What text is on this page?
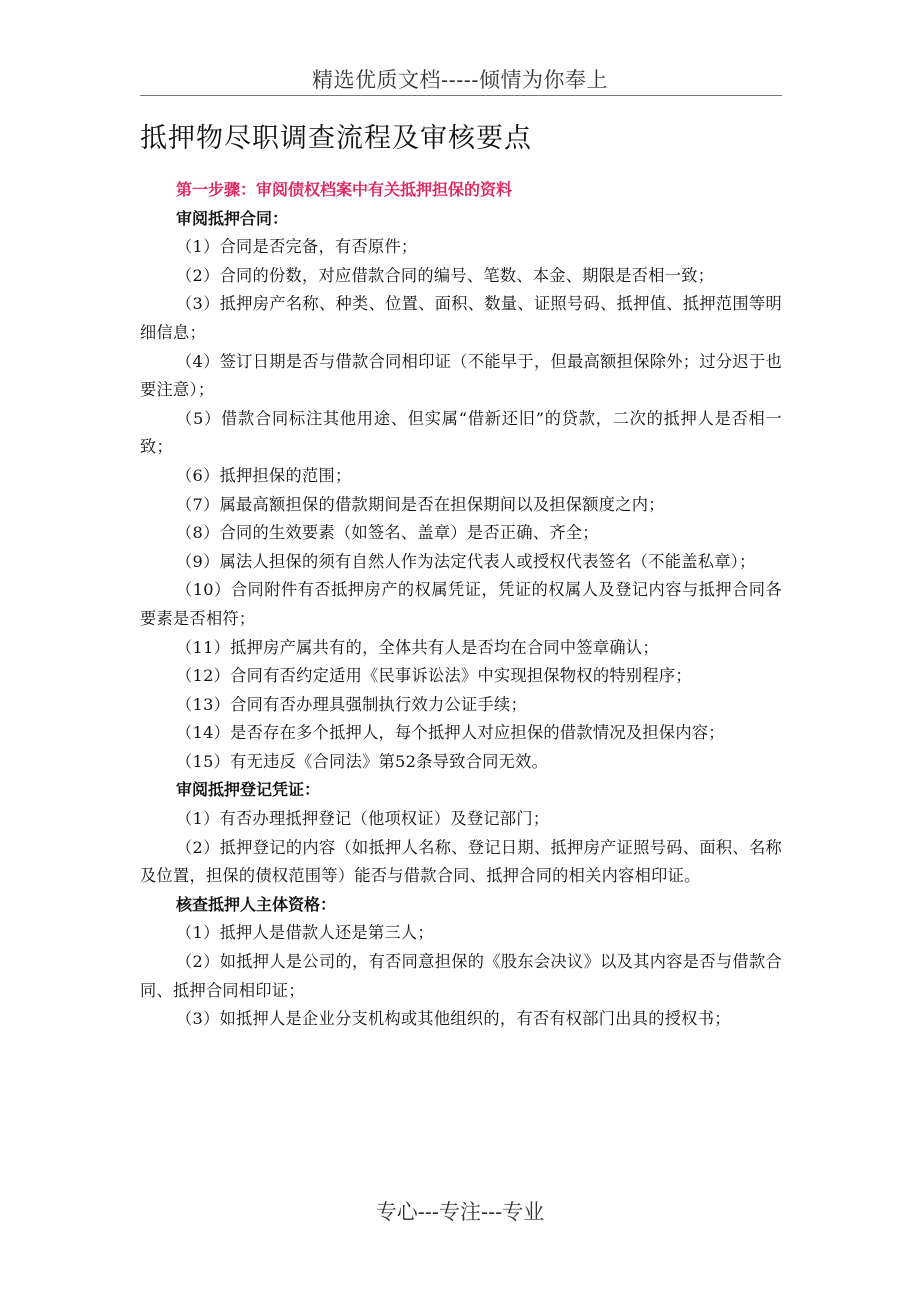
精选优质文档-----倾情为你奉上
抵押物尽职调查流程及审核要点
第一步骤：审阅债权档案中有关抵押担保的资料
审阅抵押合同：
（1）合同是否完备，有否原件；
（2）合同的份数，对应借款合同的编号、笔数、本金、期限是否相一致；
（3）抵押房产名称、种类、位置、面积、数量、证照号码、抵押值、抵押范围等明细信息；
（4）签订日期是否与借款合同相印证（不能早于，但最高额担保除外；过分迟于也要注意）；
（5）借款合同标注其他用途、但实属“借新还旧”的贷款，二次的抵押人是否相一致；
（6）抵押担保的范围；
（7）属最高额担保的借款期间是否在担保期间以及担保额度之内；
（8）合同的生效要素（如签名、盖章）是否正确、齐全；
（9）属法人担保的须有自然人作为法定代表人或授权代表签名（不能盖私章）；
（10）合同附件有否抵押房产的权属凭证，凭证的权属人及登记内容与抵押合同各要素是否相符；
（11）抵押房产属共有的，全体共有人是否均在合同中签章确认；
（12）合同有否约定适用《民事诉讼法》中实现担保物权的特别程序；
（13）合同有否办理具强制执行效力公证手续；
（14）是否存在多个抵押人，每个抵押人对应担保的借款情况及担保内容；
（15）有无违反《合同法》第52条导致合同无效。
审阅抵押登记凭证：
（1）有否办理抵押登记（他项权证）及登记部门；
（2）抵押登记的内容（如抵押人名称、登记日期、抵押房产证照号码、面积、名称及位置，担保的债权范围等）能否与借款合同、抵押合同的相关内容相印证。
核查抵押人主体资格：
（1）抵押人是借款人还是第三人；
（2）如抵押人是公司的，有否同意担保的《股东会决议》以及其内容是否与借款合同、抵押合同相印证；
（3）如抵押人是企业分支机构或其他组织的，有否有权部门出具的授权书；
专心---专注---专业
